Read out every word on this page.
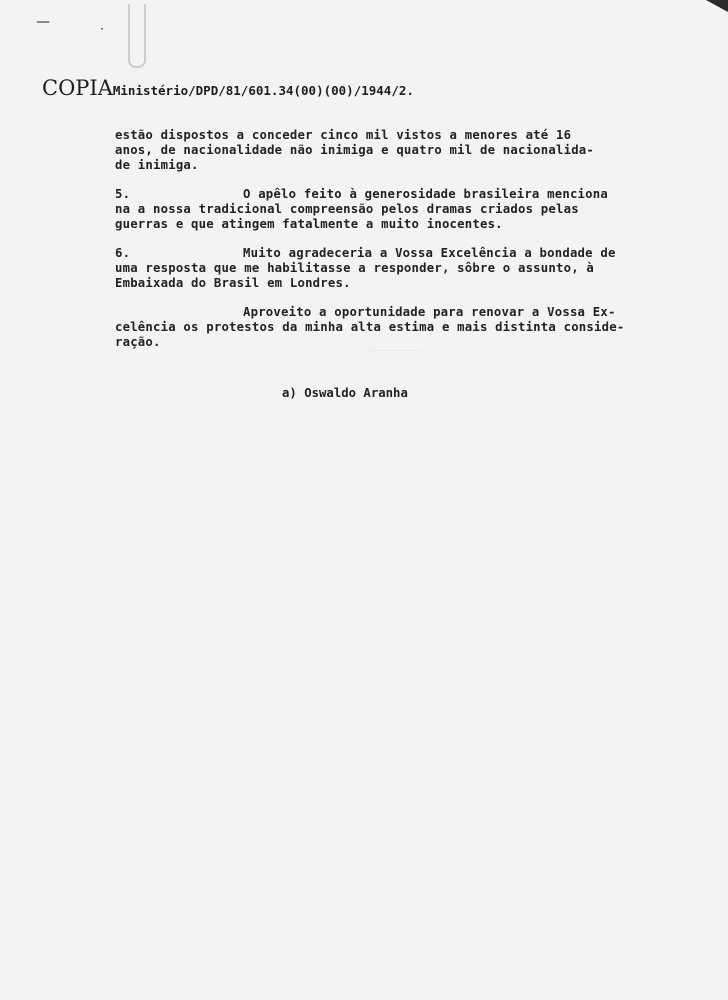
—	·
COPIAMinistério/DPD/81/601.34(00)(00)/1944/2.
estão dispostos a conceder cinco mil vistos a menores até 16
anos, de nacionalidade não inimiga e quatro mil de nacionalida-
de inimiga.
5.	O apêlo feito à generosidade brasileira menciona
na a nossa tradicional compreensão pelos dramas criados pelas
guerras e que atingem fatalmente a muito inocentes.
6.	Muito agradeceria a Vossa Excelência a bondade de
uma resposta que me habilitasse a responder, sôbre o assunto, à
Embaixada do Brasil em Londres.
Aproveito a oportunidade para renovar a Vossa Ex-
celência os protestos da minha alta estima e mais distinta conside-
ração.
a) Oswaldo Aranha
